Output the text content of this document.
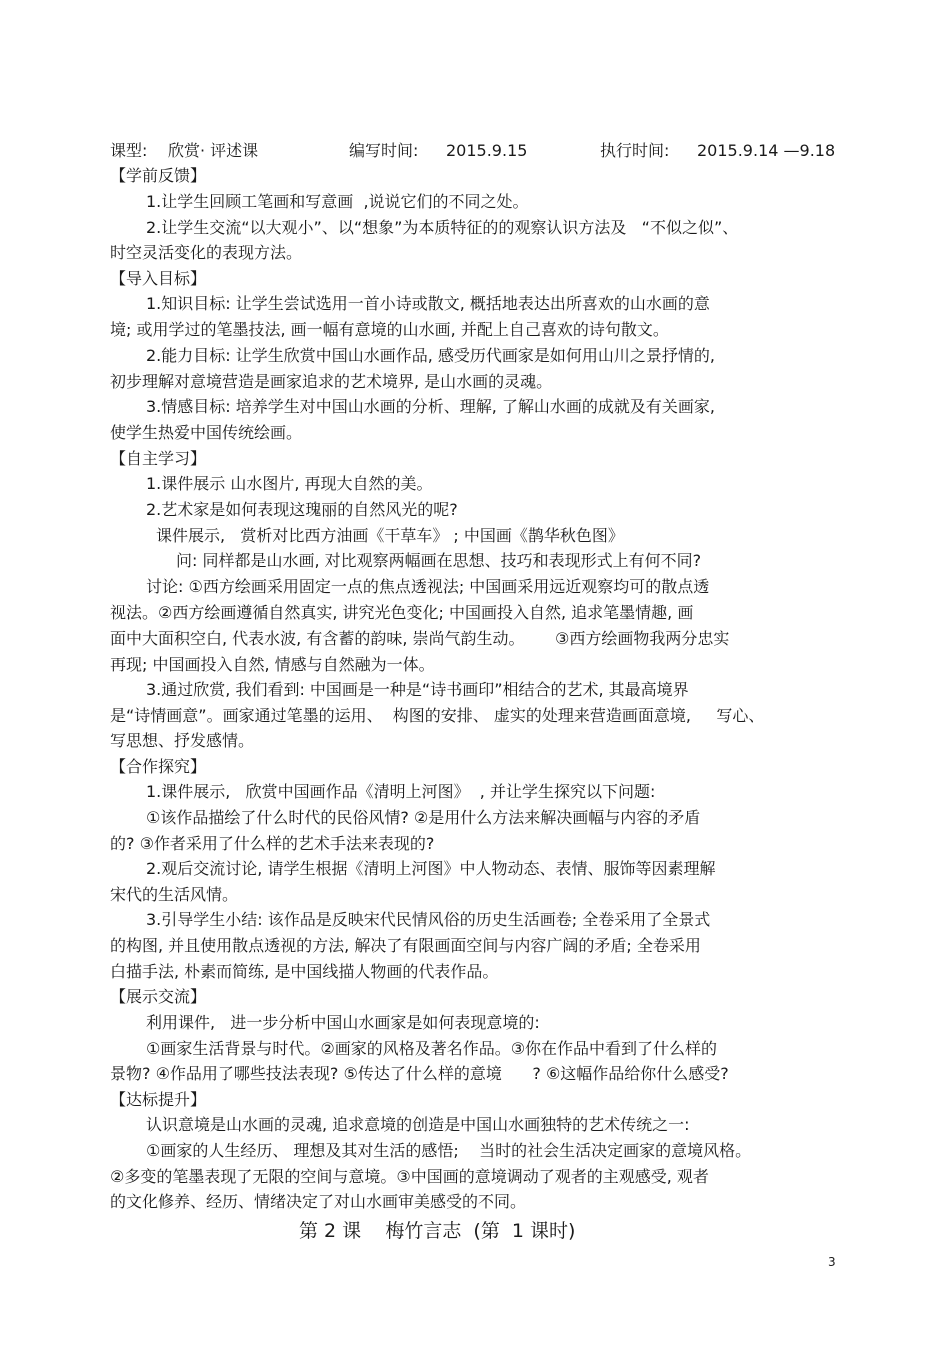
课型: 欣赏· 评述课	编写时间: 2015.9.15	执行时间: 2015.9.14 —9.18
【学前反馈】
1.让学生回顾工笔画和写意画  ,说说它们的不同之处。
2.让学生交流“以大观小”、以“想象”为本质特征的的观察认识方法及   “不似之似”、
时空灵活变化的表现方法。
【导入目标】
1.知识目标: 让学生尝试选用一首小诗或散文, 概括地表达出所喜欢的山水画的意
境; 或用学过的笔墨技法, 画一幅有意境的山水画, 并配上自己喜欢的诗句散文。
2.能力目标: 让学生欣赏中国山水画作品, 感受历代画家是如何用山川之景抒情的,
初步理解对意境营造是画家追求的艺术境界, 是山水画的灵魂。
3.情感目标: 培养学生对中国山水画的分析、理解, 了解山水画的成就及有关画家,
使学生热爱中国传统绘画。
【自主学习】
1.课件展示 山水图片, 再现大自然的美。
2.艺术家是如何表现这瑰丽的自然风光的呢?
课件展示,   赏析对比西方油画《干草车》 ; 中国画《鹊华秋色图》
问: 同样都是山水画, 对比观察两幅画在思想、技巧和表现形式上有何不同?
讨论: ①西方绘画采用固定一点的焦点透视法; 中国画采用远近观察均可的散点透
视法。②西方绘画遵循自然真实, 讲究光色变化; 中国画投入自然, 追求笔墨情趣, 画
面中大面积空白, 代表水波, 有含蓄的韵味, 崇尚气韵生动。      ③西方绘画物我两分忠实
再现; 中国画投入自然, 情感与自然融为一体。
3.通过欣赏, 我们看到: 中国画是一种是“诗书画印”相结合的艺术, 其最高境界
是“诗情画意”。画家通过笔墨的运用、  构图的安排、 虚实的处理来营造画面意境,     写心、
写思想、抒发感情。
【合作探究】
1.课件展示,   欣赏中国画作品《清明上河图》  , 并让学生探究以下问题:
①该作品描绘了什么时代的民俗风情? ②是用什么方法来解决画幅与内容的矛盾
的? ③作者采用了什么样的艺术手法来表现的?
2.观后交流讨论, 请学生根据《清明上河图》中人物动态、表情、服饰等因素理解
宋代的生活风情。
3.引导学生小结: 该作品是反映宋代民情风俗的历史生活画卷; 全卷采用了全景式
的构图, 并且使用散点透视的方法, 解决了有限画面空间与内容广阔的矛盾; 全卷采用
白描手法, 朴素而简练, 是中国线描人物画的代表作品。
【展示交流】
利用课件,   进一步分析中国山水画家是如何表现意境的:
①画家生活背景与时代。②画家的风格及著名作品。③你在作品中看到了什么样的
景物? ④作品用了哪些技法表现? ⑤传达了什么样的意境      ? ⑥这幅作品给你什么感受?
【达标提升】
认识意境是山水画的灵魂, 追求意境的创造是中国山水画独特的艺术传统之一:
①画家的人生经历、 理想及其对生活的感悟;    当时的社会生活决定画家的意境风格。
②多变的笔墨表现了无限的空间与意境。③中国画的意境调动了观者的主观感受, 观者
的文化修养、经历、情绪决定了对山水画审美感受的不同。
第 2 课    梅竹言志  (第  1 课时)
3
